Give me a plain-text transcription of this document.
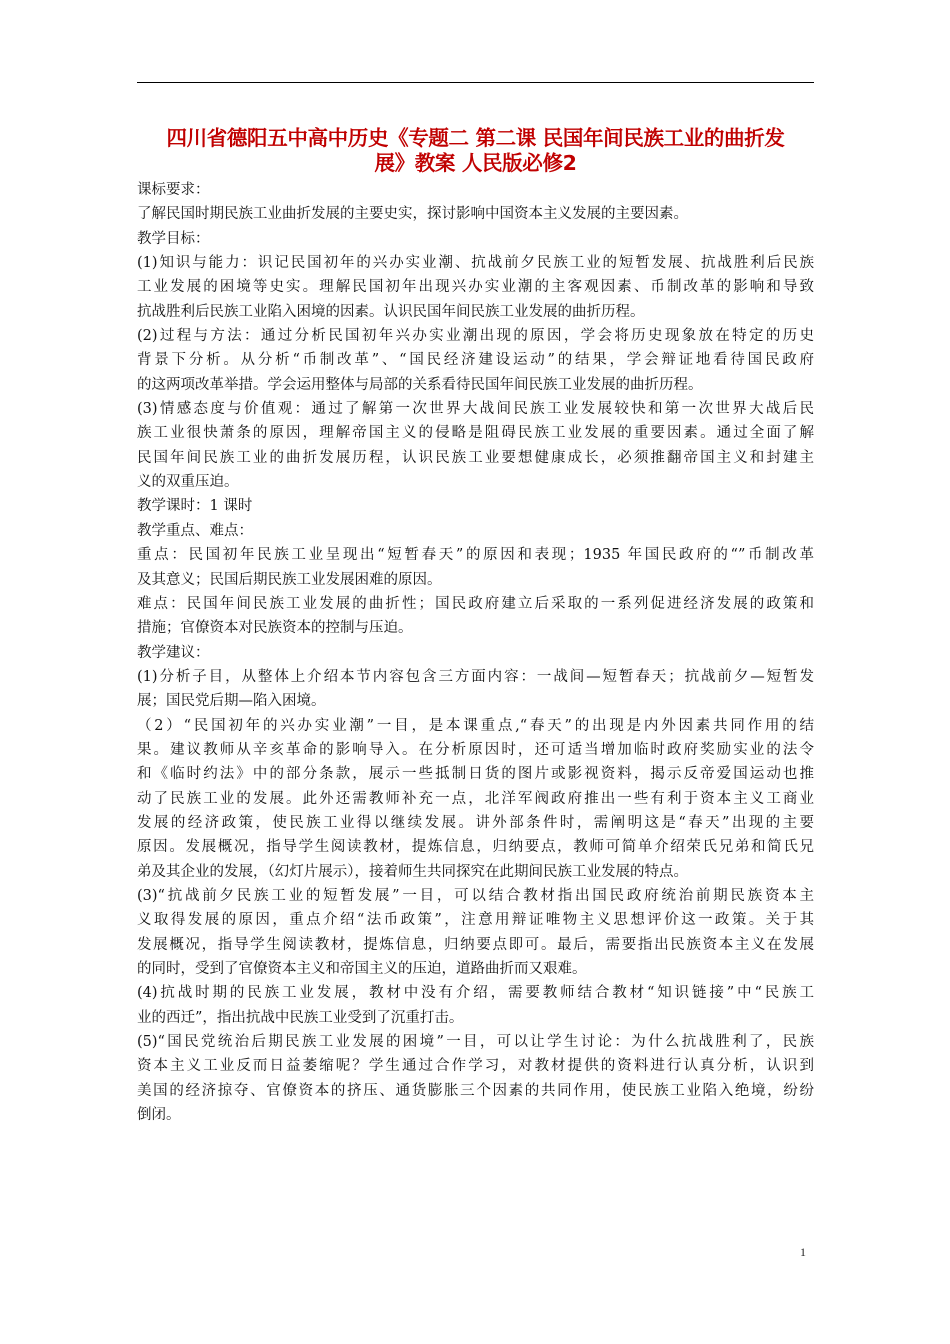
四川省德阳五中高中历史《专题二 第二课 民国年间民族工业的曲折发
展》教案 人民版必修2
课标要求：
了解民国时期民族工业曲折发展的主要史实，探讨影响中国资本主义发展的主要因素。
教学目标：
(1)知识与能力：识记民国初年的兴办实业潮、抗战前夕民族工业的短暂发展、抗战胜利后民族
工业发展的困境等史实。理解民国初年出现兴办实业潮的主客观因素、币制改革的影响和导致
抗战胜利后民族工业陷入困境的因素。认识民国年间民族工业发展的曲折历程。
(2)过程与方法：通过分析民国初年兴办实业潮出现的原因，学会将历史现象放在特定的历史
背景下分析。从分析“币制改革”、“国民经济建设运动”的结果，学会辩证地看待国民政府
的这两项改革举措。学会运用整体与局部的关系看待民国年间民族工业发展的曲折历程。
(3)情感态度与价值观：通过了解第一次世界大战间民族工业发展较快和第一次世界大战后民
族工业很快萧条的原因，理解帝国主义的侵略是阻碍民族工业发展的重要因素。通过全面了解
民国年间民族工业的曲折发展历程，认识民族工业要想健康成长，必须推翻帝国主义和封建主
义的双重压迫。
教学课时：1 课时
教学重点、难点：
重点：民国初年民族工业呈现出“短暂春天”的原因和表现；1935 年国民政府的“”币制改革
及其意义；民国后期民族工业发展困难的原因。
难点：民国年间民族工业发展的曲折性；国民政府建立后采取的一系列促进经济发展的政策和
措施；官僚资本对民族资本的控制与压迫。
教学建议：
(1)分析子目，从整体上介绍本节内容包含三方面内容：一战间—短暂春天；抗战前夕—短暂发
展；国民党后期—陷入困境。
（2）“民国初年的兴办实业潮”一目，是本课重点,“春天”的出现是内外因素共同作用的结
果。建议教师从辛亥革命的影响导入。在分析原因时，还可适当增加临时政府奖励实业的法令
和《临时约法》中的部分条款，展示一些抵制日货的图片或影视资料，揭示反帝爱国运动也推
动了民族工业的发展。此外还需教师补充一点，北洋军阀政府推出一些有利于资本主义工商业
发展的经济政策，使民族工业得以继续发展。讲外部条件时，需阐明这是“春天”出现的主要
原因。发展概况，指导学生阅读教材，提炼信息，归纳要点，教师可简单介绍荣氏兄弟和简氏兄
弟及其企业的发展，（幻灯片展示），接着师生共同探究在此期间民族工业发展的特点。
(3)“抗战前夕民族工业的短暂发展”一目，可以结合教材指出国民政府统治前期民族资本主
义取得发展的原因，重点介绍“法币政策”，注意用辩证唯物主义思想评价这一政策。关于其
发展概况，指导学生阅读教材，提炼信息，归纳要点即可。最后，需要指出民族资本主义在发展
的同时，受到了官僚资本主义和帝国主义的压迫，道路曲折而又艰难。
(4)抗战时期的民族工业发展，教材中没有介绍，需要教师结合教材“知识链接”中“民族工
业的西迁”，指出抗战中民族工业受到了沉重打击。
(5)“国民党统治后期民族工业发展的困境”一目，可以让学生讨论：为什么抗战胜利了，民族
资本主义工业反而日益萎缩呢？学生通过合作学习，对教材提供的资料进行认真分析，认识到
美国的经济掠夺、官僚资本的挤压、通货膨胀三个因素的共同作用，使民族工业陷入绝境，纷纷
倒闭。
1
